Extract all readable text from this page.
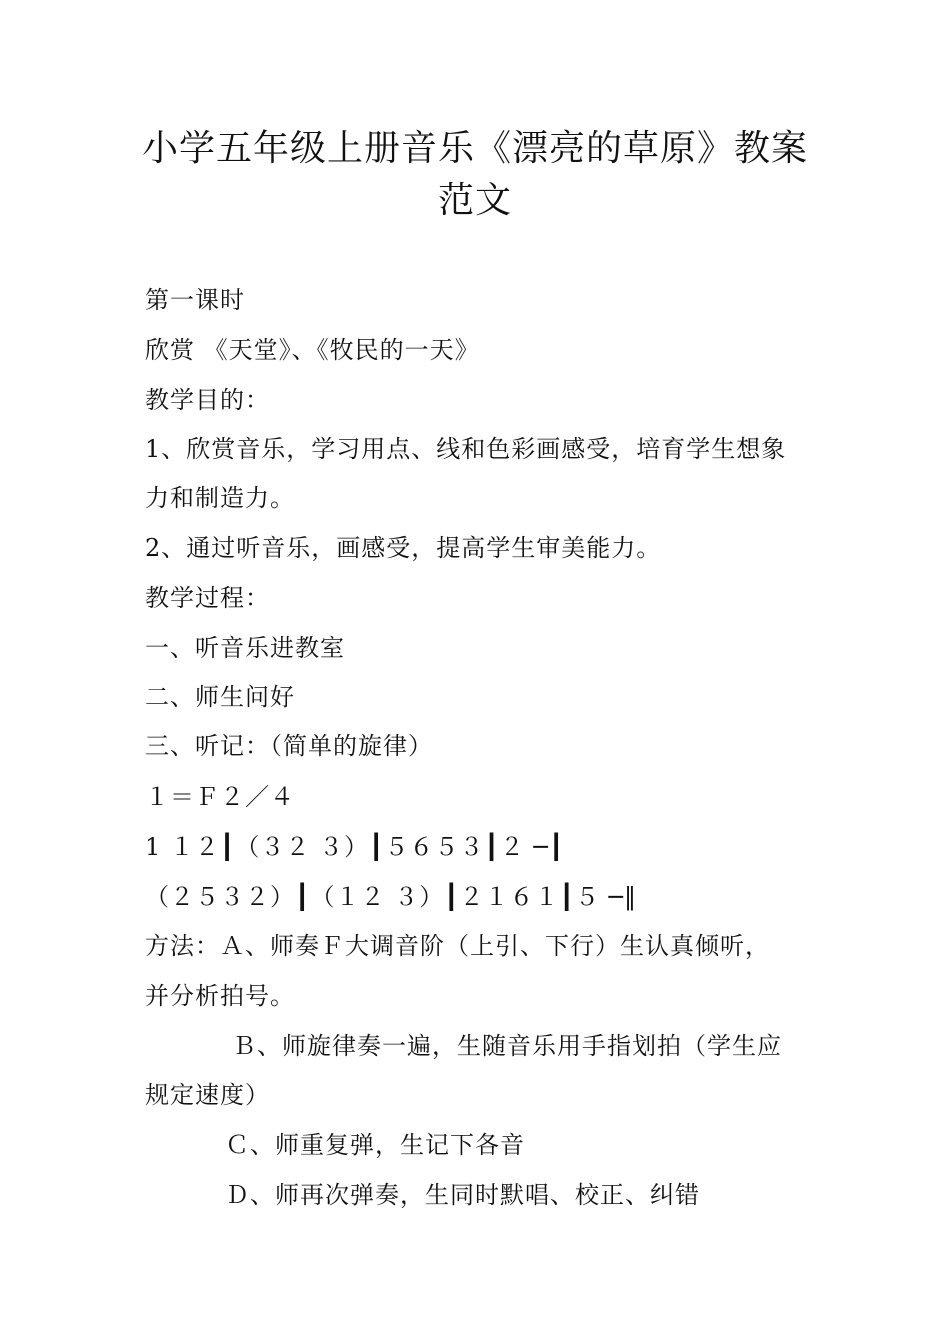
小学五年级上册音乐《漂亮的草原》教案
范文
第一课时
欣赏 《天堂》、《牧民的一天》
教学目的：
1、欣赏音乐，学习用点、线和色彩画感受，培育学生想象
力和制造力。
2、通过听音乐，画感受，提高学生审美能力。
教学过程：
一、听音乐进教室
二、师生问好
三、听记：（简单的旋律）
１＝Ｆ２／４
1 １２┃（３２ ３）┃５６５３┃２ ─┃
（２５３２）┃（１２ ３）┃２１６１┃５ ─‖
方法：Ａ、师奏Ｆ大调音阶（上引、下行）生认真倾听，
并分析拍号。
Ｂ、师旋律奏一遍，生随音乐用手指划拍（学生应
规定速度）
Ｃ、师重复弹，生记下各音
Ｄ、师再次弹奏，生同时默唱、校正、纠错
